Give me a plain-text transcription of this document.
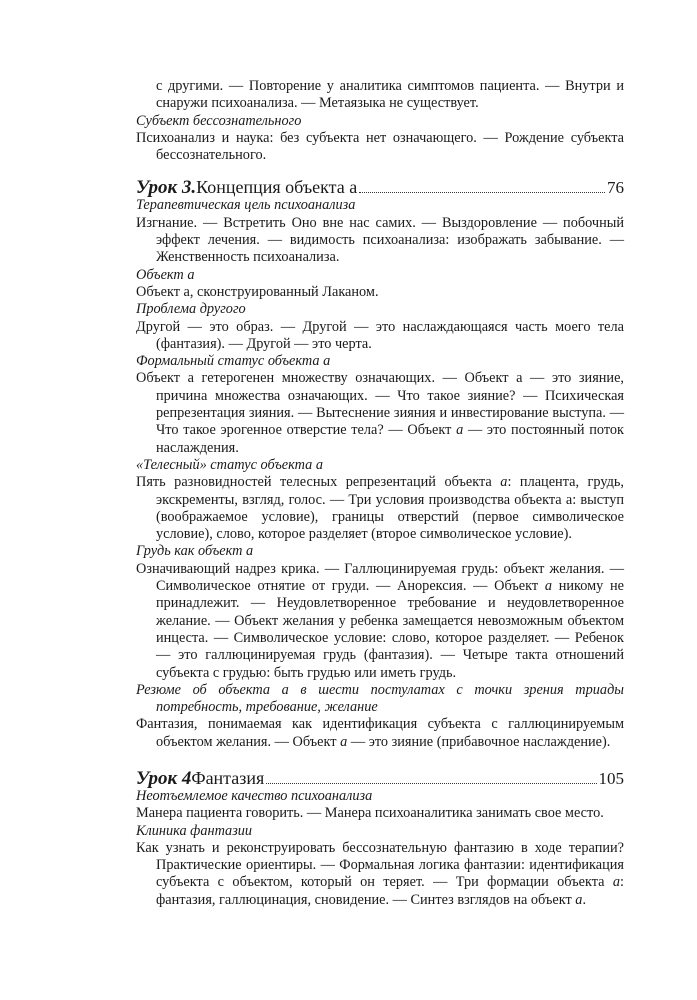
с другими. — Повторение у аналитика симптомов пациента. — Внутри и снаружи психоанализа. — Метаязыка не существует.

Субъект бессознательного

Психоанализ и наука: без субъекта нет означающего. — Рождение субъекта бессознательного.

Урок 3. Концепция объекта а	76

Терапевтическая цель психоанализа

Изгнание. — Встретить Оно вне нас самих. — Выздоровление — побочный эффект лечения. — видимость психоанализа: изображать забывание. — Женственность психоанализа.

Объект а

Объект а, сконструированный Лаканом.

Проблема другого

Другой — это образ. — Другой — это наслаждающаяся часть моего тела (фантазия). — Другой — это черта.

Формальный статус объекта а

Объект а гетерогенен множеству означающих. — Объект а — это зияние, причина множества означающих. — Что такое зияние? — Психическая репрезентация зияния. — Вытеснение зияния и инвестирование выступа. — Что такое эрогенное отверстие тела? — Объект а — это постоянный поток наслаждения.

«Телесный» статус объекта а

Пять разновидностей телесных репрезентаций объекта а: плацента, грудь, экскременты, взгляд, голос. — Три условия производства объекта а: выступ (воображаемое условие), границы отверстий (первое символическое условие), слово, которое разделяет (второе символическое условие).

Грудь как объект а

Означивающий надрез крика. — Галлюцинируемая грудь: объект желания. — Символическое отнятие от груди. — Анорексия. — Объект а никому не принадлежит. — Неудовлетворенное требование и неудовлетворенное желание. — Объект желания у ребенка замещается невозможным объектом инцеста. — Символическое условие: слово, которое разделяет. — Ребенок — это галлюцинируемая грудь (фантазия). — Четыре такта отношений субъекта с грудью: быть грудью или иметь грудь.

Резюме об объекта а в шести постулатах с точки зрения триады потребность, требование, желание

Фантазия, понимаемая как идентификация субъекта с галлюцинируемым объектом желания. — Объект а — это зияние (прибавочное наслаждение).

Урок 4 Фантазия	105

Неотъемлемое качество психоанализа

Манера пациента говорить. — Манера психоаналитика занимать свое место.

Клиника фантазии

Как узнать и реконструировать бессознательную фантазию в ходе терапии? Практические ориентиры. — Формальная логика фантазии: идентификация субъекта с объектом, который он теряет. — Три формации объекта а: фантазия, галлюцинация, сновидение. — Синтез взглядов на объект а.
